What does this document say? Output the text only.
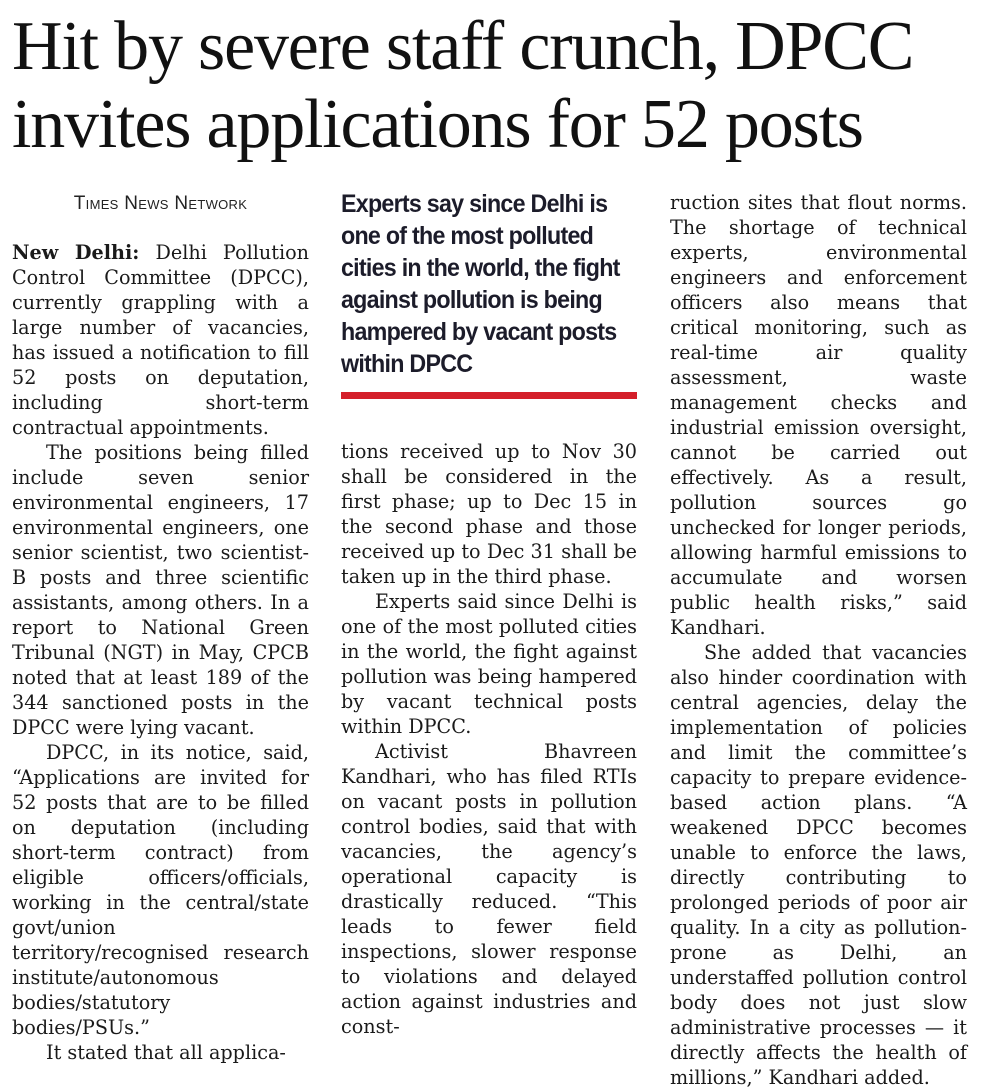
Hit by severe staff crunch, DPCC
invites applications for 52 posts
Times News Network

New Delhi: Delhi Pollution Control Committee (DPCC), currently grappling with a large number of vacancies, has issued a notification to fill 52 posts on deputation, including short-term contractual appointments.

The positions being filled include seven senior environmental engineers, 17 environmental engineers, one senior scientist, two scientist-B posts and three scientific assistants, among others. In a report to National Green Tribunal (NGT) in May, CPCB noted that at least 189 of the 344 sanctioned posts in the DPCC were lying vacant.

DPCC, in its notice, said, “Applications are invited for 52 posts that are to be filled on deputation (including short-term contract) from eligible officers/officials, working in the central/state govt/union territory/recognised research institute/autonomous bodies/statutory bodies/PSUs.”

It stated that all applica-

Experts say since Delhi is one of the most polluted cities in the world, the fight against pollution is being hampered by vacant posts within DPCC

tions received up to Nov 30 shall be considered in the first phase; up to Dec 15 in the second phase and those received up to Dec 31 shall be taken up in the third phase.

Experts said since Delhi is one of the most polluted cities in the world, the fight against pollution was being hampered by vacant technical posts within DPCC.

Activist Bhavreen Kandhari, who has filed RTIs on vacant posts in pollution control bodies, said that with vacancies, the agency’s operational capacity is drastically reduced. “This leads to fewer field inspections, slower response to violations and delayed action against industries and const-

ruction sites that flout norms. The shortage of technical experts, environmental engineers and enforcement officers also means that critical monitoring, such as real-time air quality assessment, waste management checks and industrial emission oversight, cannot be carried out effectively. As a result, pollution sources go unchecked for longer periods, allowing harmful emissions to accumulate and worsen public health risks,” said Kandhari.

She added that vacancies also hinder coordination with central agencies, delay the implementation of policies and limit the committee’s capacity to prepare evidence-based action plans. “A weakened DPCC becomes unable to enforce the laws, directly contributing to prolonged periods of poor air quality. In a city as pollution-prone as Delhi, an understaffed pollution control body does not just slow administrative processes — it directly affects the health of millions,” Kandhari added.
